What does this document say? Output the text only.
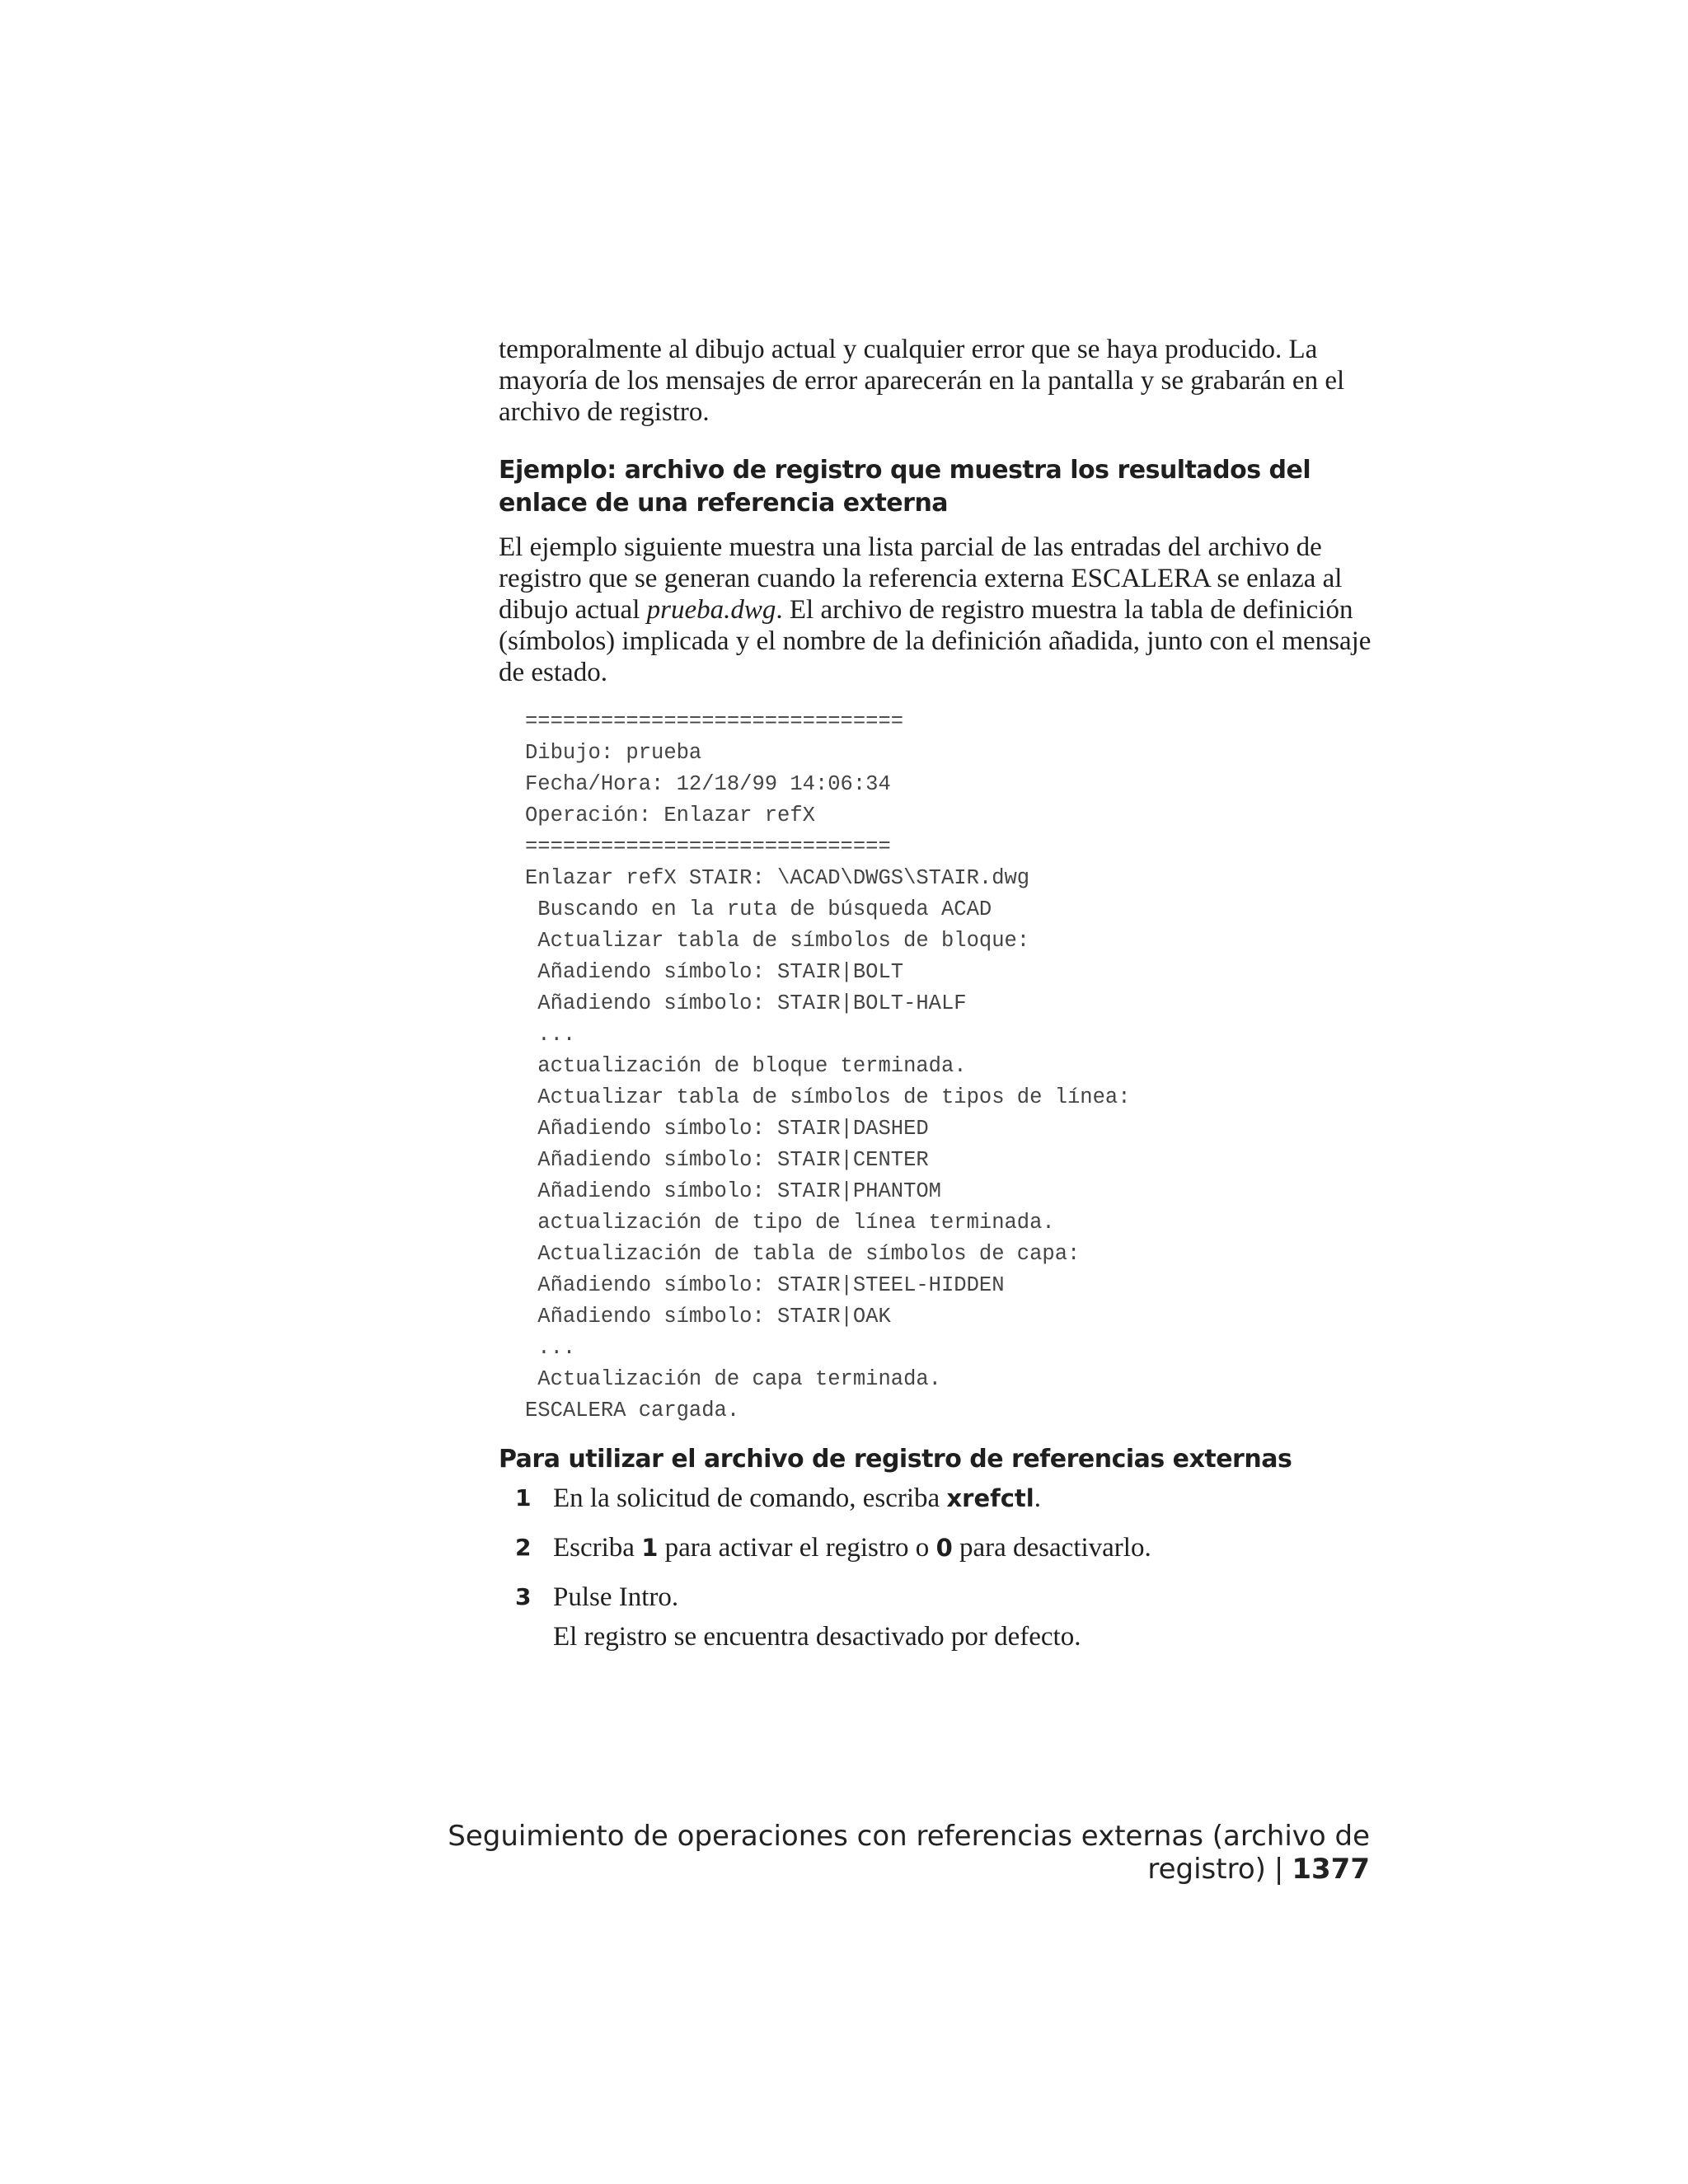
temporalmente al dibujo actual y cualquier error que se haya producido. La mayoría de los mensajes de error aparecerán en la pantalla y se grabarán en el archivo de registro.

Ejemplo: archivo de registro que muestra los resultados del enlace de una referencia externa

El ejemplo siguiente muestra una lista parcial de las entradas del archivo de registro que se generan cuando la referencia externa ESCALERA se enlaza al dibujo actual prueba.dwg. El archivo de registro muestra la tabla de definición (símbolos) implicada y el nombre de la definición añadida, junto con el mensaje de estado.

==============================
Dibujo: prueba
Fecha/Hora: 12/18/99 14:06:34
Operación: Enlazar refX
=============================
Enlazar refX STAIR: \ACAD\DWGS\STAIR.dwg
Buscando en la ruta de búsqueda ACAD
Actualizar tabla de símbolos de bloque:
Añadiendo símbolo: STAIR|BOLT
Añadiendo símbolo: STAIR|BOLT-HALF
...
actualización de bloque terminada.
Actualizar tabla de símbolos de tipos de línea:
Añadiendo símbolo: STAIR|DASHED
Añadiendo símbolo: STAIR|CENTER
Añadiendo símbolo: STAIR|PHANTOM
actualización de tipo de línea terminada.
Actualización de tabla de símbolos de capa:
Añadiendo símbolo: STAIR|STEEL-HIDDEN
Añadiendo símbolo: STAIR|OAK
...
Actualización de capa terminada.
ESCALERA cargada.
Para utilizar el archivo de registro de referencias externas
1 En la solicitud de comando, escriba xrefctl.

2 Escriba 1 para activar el registro o 0 para desactivarlo.

3 Pulse Intro.

El registro se encuentra desactivado por defecto.

Seguimiento de operaciones con referencias externas (archivo de registro) | 1377
